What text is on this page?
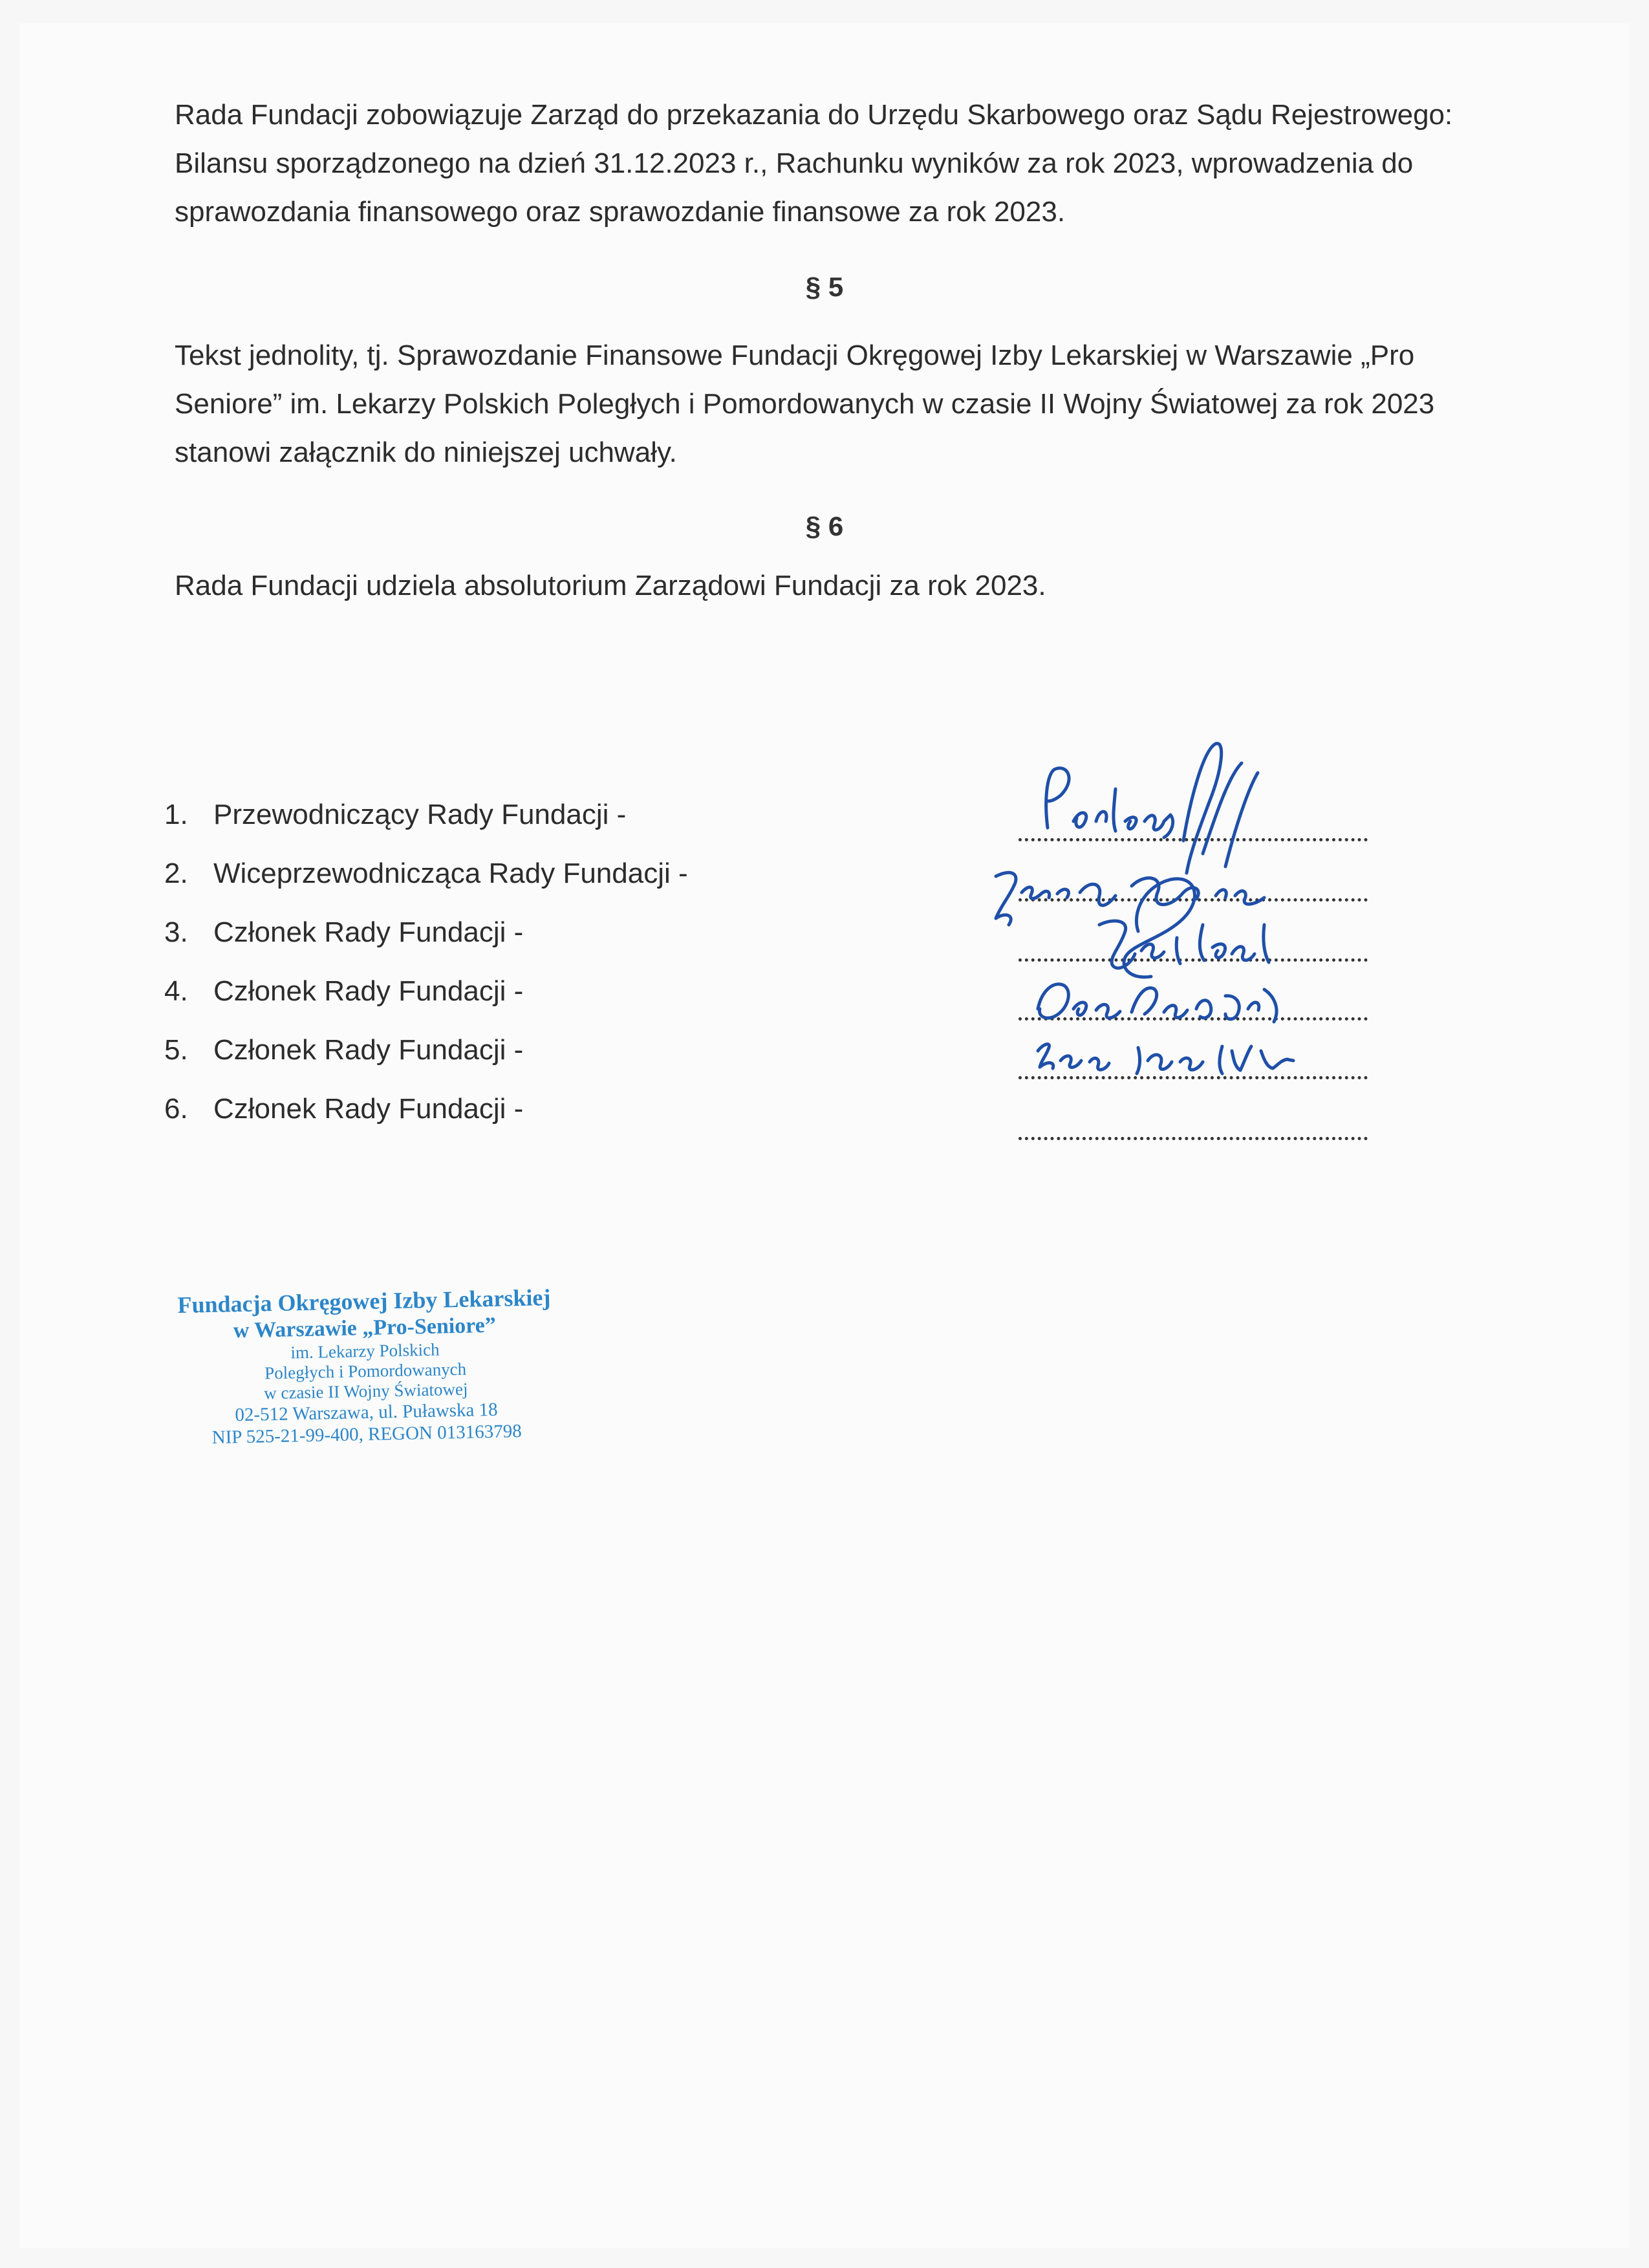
Rada Fundacji zobowiązuje Zarząd do przekazania do Urzędu Skarbowego oraz Sądu Rejestrowego: Bilansu sporządzonego na dzień 31.12.2023 r., Rachunku wyników za rok 2023, wprowadzenia do sprawozdania finansowego oraz sprawozdanie finansowe za rok 2023.

§ 5

Tekst jednolity, tj. Sprawozdanie Finansowe Fundacji Okręgowej Izby Lekarskiej w Warszawie „Pro Seniore” im. Lekarzy Polskich Poległych i Pomordowanych w czasie II Wojny Światowej za rok 2023 stanowi załącznik do niniejszej uchwały.

§ 6

Rada Fundacji udziela absolutorium Zarządowi Fundacji za rok 2023.

1. Przewodniczący Rady Fundacji -
2. Wiceprzewodnicząca Rady Fundacji -
3. Członek Rady Fundacji -
4. Członek Rady Fundacji -
5. Członek Rady Fundacji -
6. Członek Rady Fundacji -
Fundacja Okręgowej Izby Lekarskiej
w Warszawie „Pro-Seniore”
im. Lekarzy Polskich
Poległych i Pomordowanych
w czasie II Wojny Światowej
02-512 Warszawa, ul. Puławska 18
NIP 525-21-99-400, REGON 013163798
